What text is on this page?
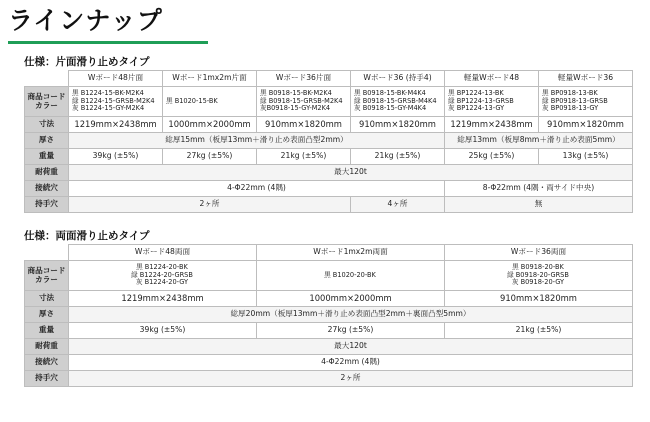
ラインナップ
仕様：片面滑り止めタイプ
	Wボード48片面	Wボード1mx2m片面	Wボード36片面	Wボード36 (持手4)	軽量Wボード48	軽量Wボード36

商品コード
カラー	黒 B1224-15-BK-M2K4
緑 B1224-15-GRSB-M2K4
灰 B1224-15-GY-M2K4	黒 B1020-15-BK	黒 B0918-15-BK-M2K4
緑 B0918-15-GRSB-M2K4
灰B0918-15-GY-M2K4	黒 B0918-15-BK-M4K4
緑 B0918-15-GRSB-M4K4
灰 B0918-15-GY-M4K4	黒 BP1224-13-BK
緑 BP1224-13-GRSB
灰 BP1224-13-GY	黒 BP0918-13-BK
緑 BP0918-13-GRSB
灰 BP0918-13-GY

寸法	1219mm×2438mm	1000mm×2000mm	910mm×1820mm	910mm×1820mm	1219mm×2438mm	910mm×1820mm
厚さ	総厚15mm（板厚13mm＋滑り止め表面凸型2mm）				総厚13mm（板厚8mm＋滑り止め表面5mm）	
重量	39kg (±5%)	27kg (±5%)	21kg (±5%)	21kg (±5%)	25kg (±5%)	13kg (±5%)
耐荷重	最大120t					
接続穴	4-Φ22mm (4隅)				8-Φ22mm (4隅・両サイド中央)	
持手穴	2ヶ所			4ヶ所	無	
仕様：両面滑り止めタイプ
	Wボード48両面	Wボード1mx2m両面	Wボード36両面

商品コード
カラー	黒 B1224-20-BK
緑 B1224-20-GRSB
灰 B1224-20-GY	黒 B1020-20-BK	黒 B0918-20-BK
緑 B0918-20-GRSB
灰 B0918-20-GY

寸法	1219mm×2438mm	1000mm×2000mm	910mm×1820mm
厚さ	総厚20mm（板厚13mm＋滑り止め表面凸型2mm＋裏面凸型5mm）		
重量	39kg (±5%)	27kg (±5%)	21kg (±5%)
耐荷重	最大120t		
接続穴	4-Φ22mm (4隅)		
持手穴	2ヶ所		
